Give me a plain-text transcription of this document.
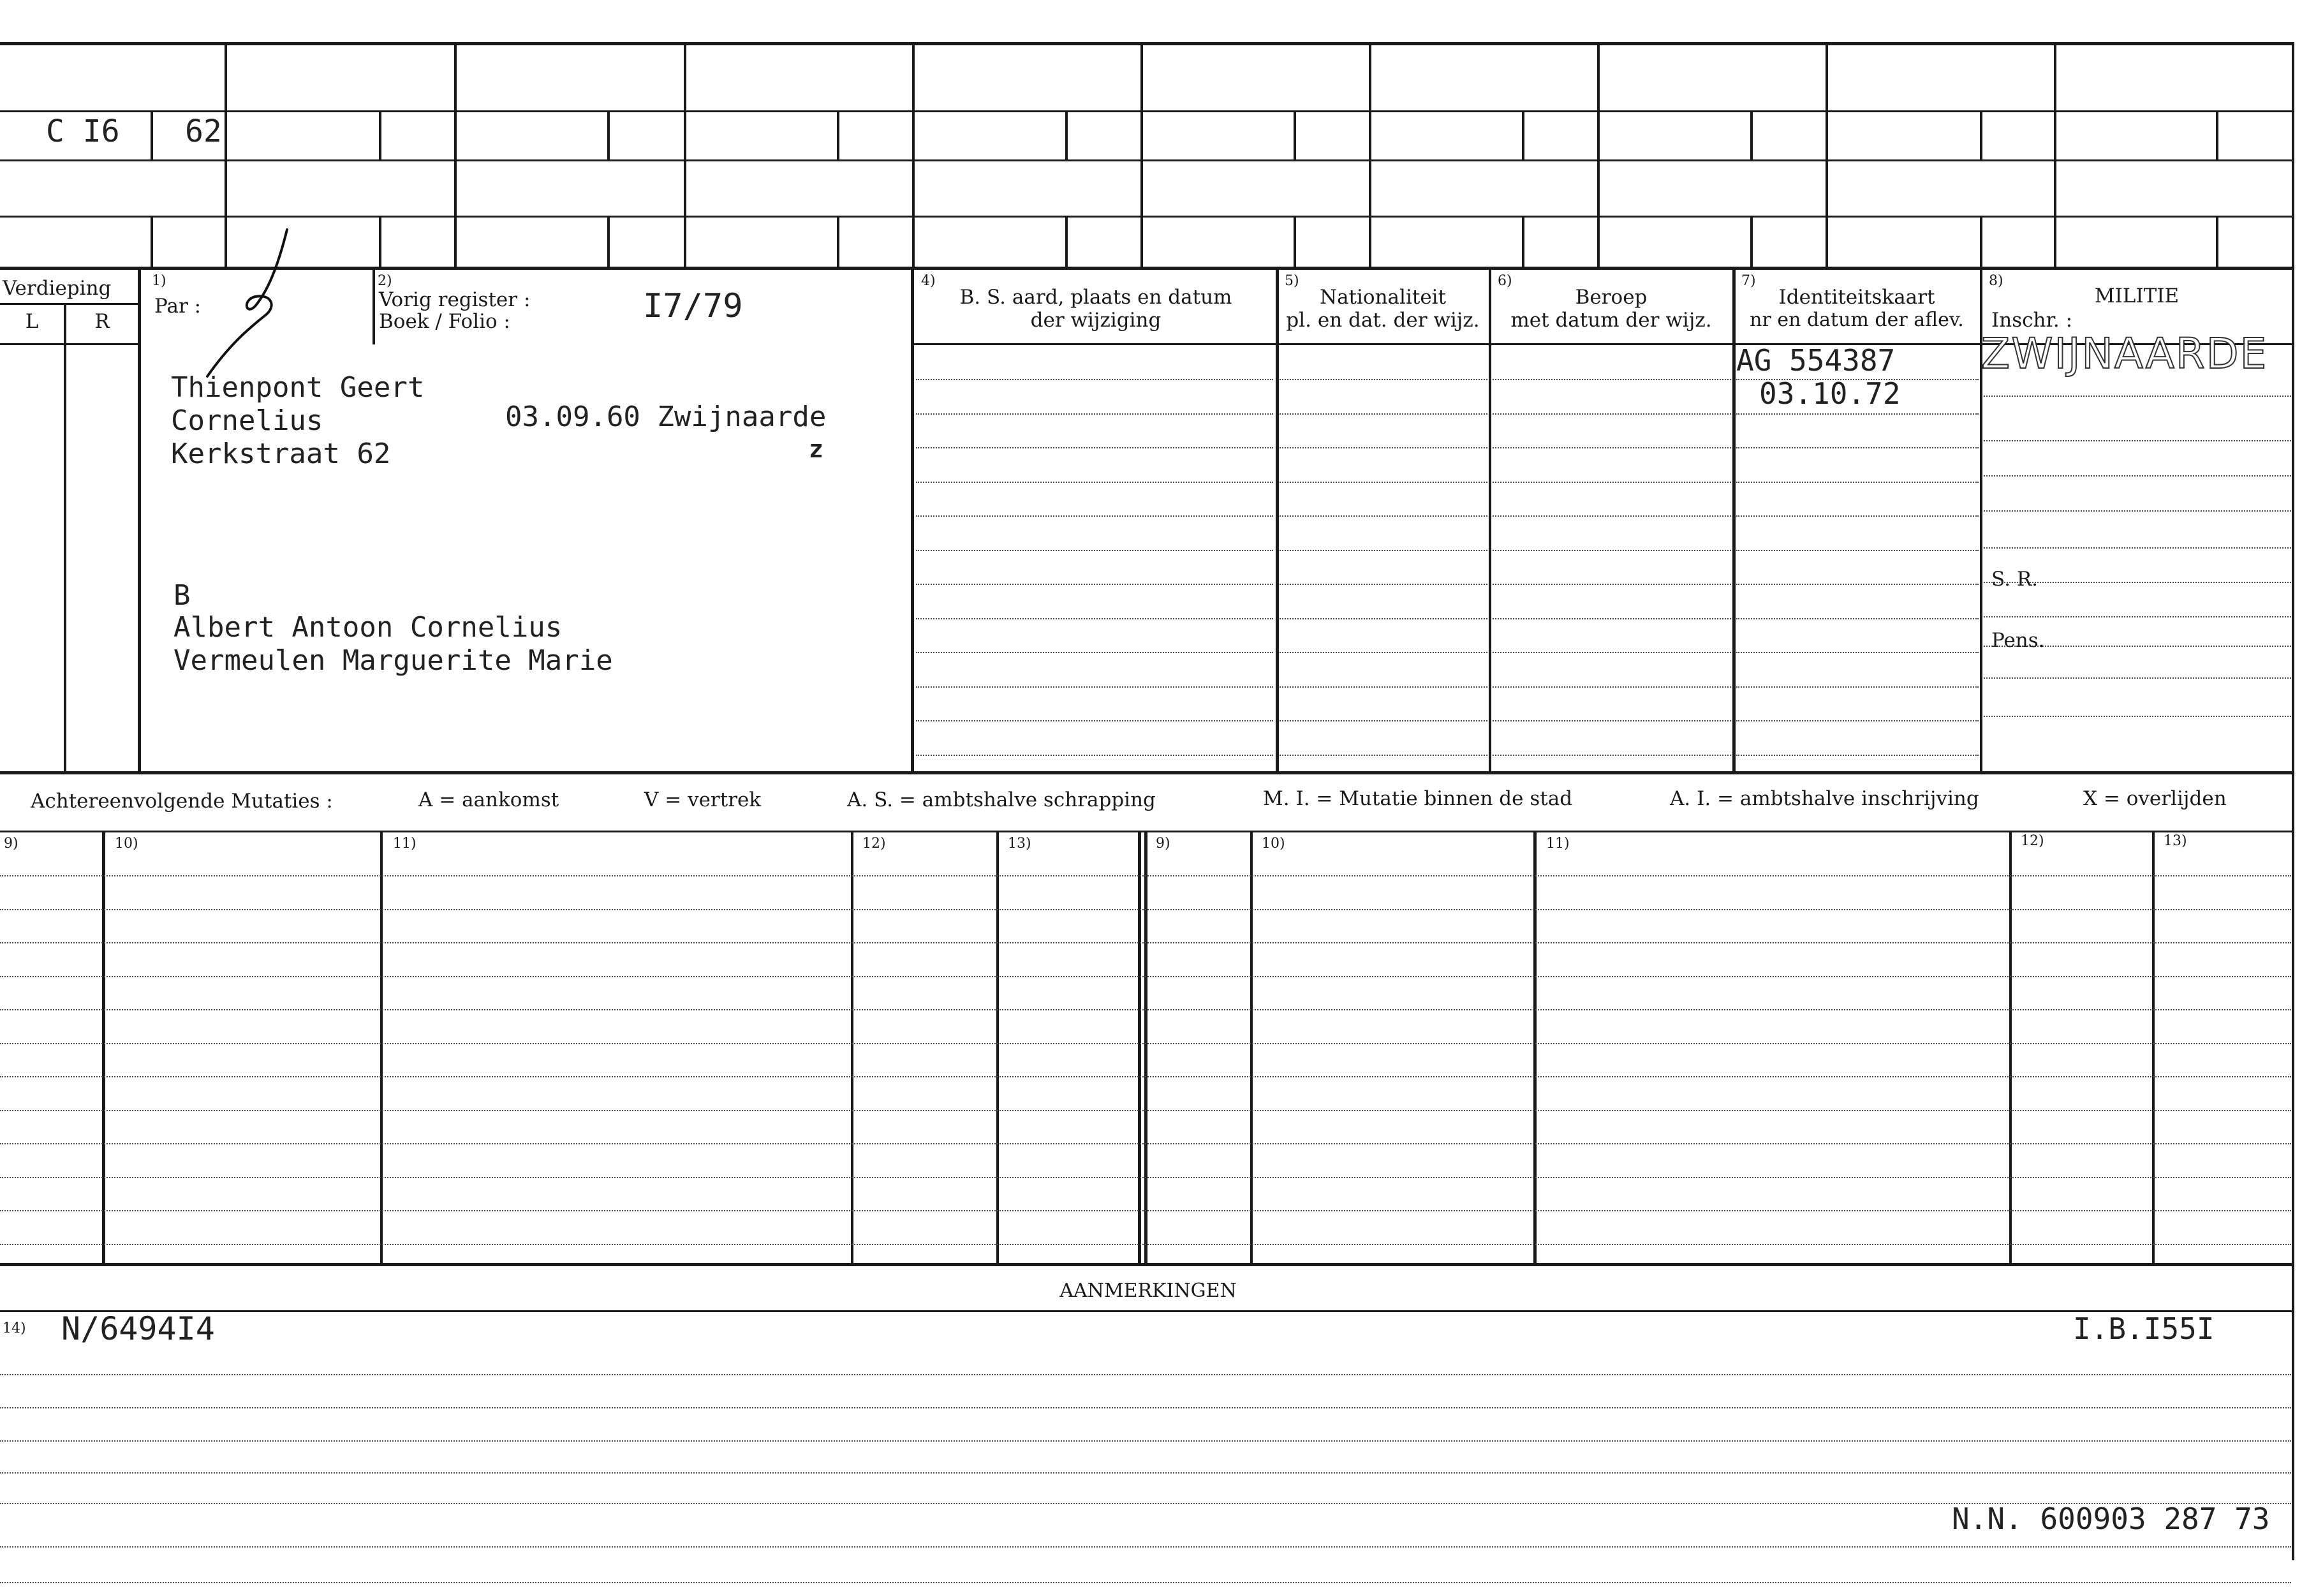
C I6 62
Verdieping
L	R
1)
Par :
2)
Vorig register :
Boek / Folio :	I7/79
4)
B. S. aard, plaats en datum
der wijziging
5)
Nationaliteit
pl. en dat. der wijz.
6)
Beroep
met datum der wijz.
7)
Identiteitskaart
nr en datum der aflev.
8)
MILITIE
Inschr. :
S. R.
Pens.
Thienpont Geert
Cornelius	03.09.60 Zwijnaarde
Kerkstraat 62	z
B
Albert Antoon Cornelius
Vermeulen Marguerite Marie
AG 554387
03.10.72
ZWIJNAARDE
Achtereenvolgende Mutaties :	A = aankomst	V = vertrek	A. S. = ambtshalve schrapping	M. I. = Mutatie binnen de stad	A. I. = ambtshalve inschrijving	X = overlijden
9)	10)	11)	12)	13)	9)	10)	11)	12)	13)
AANMERKINGEN
14) N/6494I4	I.B.I55I
N.N. 600903 287 73
